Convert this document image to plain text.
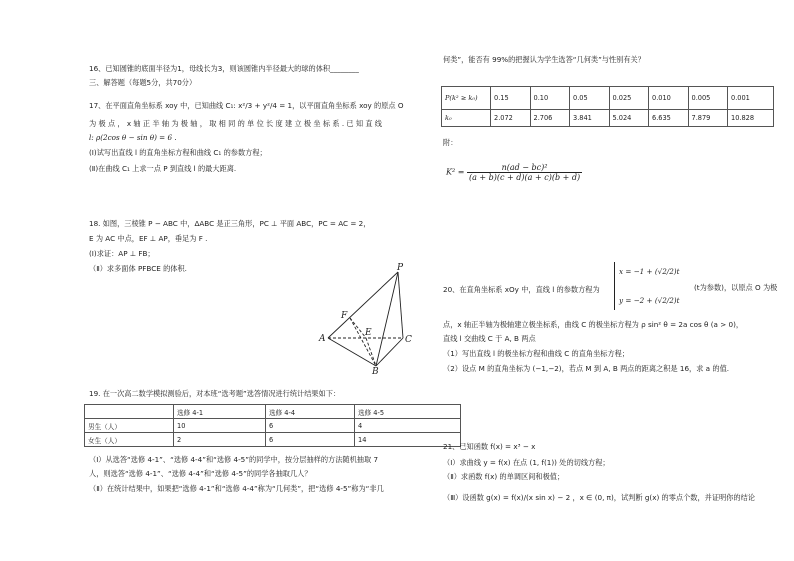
16、已知圆锥的底面半径为1，母线长为3，则该圆锥内半径最大的球的体积________
三、解答题（每题5分，共70分）
17、在平面直角坐标系 xoy 中，已知曲线 C₁: x²/3 + y²/4 = 1，以平面直角坐标系 xoy 的原点 O
为 极 点 ， x 轴 正 半 轴 为 极 轴 ， 取 相 同 的 单 位 长 度 建 立 极 坐 标 系 . 已 知 直 线
l: ρ(2cos θ − sin θ) = 6 .
(Ⅰ)试写出直线 l 的直角坐标方程和曲线 C₁ 的参数方程；
(Ⅱ)在曲线 C₁ 上求一点 P 到直线 l 的最大距离.
18. 如图，三棱锥 P − ABC 中，ΔABC 是正三角形，PC ⊥ 平面 ABC，PC = AC = 2，
E 为 AC 中点，EF ⊥ AP，垂足为 F .
(Ⅰ)求证：AP ⊥ FB；
（Ⅱ）求多面体 PFBCE 的体积.	P
F
E
A	C
B
19. 在一次高二数学模拟测验后，对本班“选考题”选答情况进行统计结果如下：
	选修 4-1	选修 4-4	选修 4-5
男生（人）	10	6	4
女生（人）	2	6	14
（Ⅰ）从选答“选修 4-1”、“选修 4-4”和“选修 4-5”的同学中，按分层抽样的方法随机抽取 7
人，则选答“选修 4-1”、“选修 4-4”和“选修 4-5”的同学各抽取几人？
（Ⅱ）在统计结果中，如果把“选修 4-1”和“选修 4-4”称为“几何类”，把“选修 4-5”称为“非几
何类”，能否有 99%的把握认为学生选答“几何类”与性别有关？
P(k² ≥ k₀)	0.15	0.10	0.05	0.025	0.010	0.005	0.001
k₀	2.072	2.706	3.841	5.024	6.635	7.879	10.828
附：
$K^2 = \frac{\text{n(ad − bc)²}}{(a + b)(c + d)(a + c)(b + d)}$
20、在直角坐标系 xOy 中，直线 l 的参数方程为
x = −1 + (√2/2)t
y = −2 + (√2/2)t
(t为参数)，以原点 O 为极
点，x 轴正半轴为极轴建立极坐标系，曲线 C 的极坐标方程为 ρ sin² θ = 2a cos θ (a > 0)，
直线 l 交曲线 C 于 A, B 两点
（1）写出直线 l 的极坐标方程和曲线 C 的直角坐标方程；
（2）设点 M 的直角坐标为 (−1,−2)，若点 M 到 A, B 两点的距离之积是 16，求 a 的值.
21、已知函数 f(x) = x³ − x
（Ⅰ）求曲线 y = f(x) 在点 (1, f(1)) 处的切线方程；
（Ⅱ）求函数 f(x) 的单调区间和极值；
（Ⅲ）设函数 g(x) = f(x)/(x sin x) − 2 ，x ∈ (0, π)，试判断 g(x) 的零点个数，并证明你的结论
